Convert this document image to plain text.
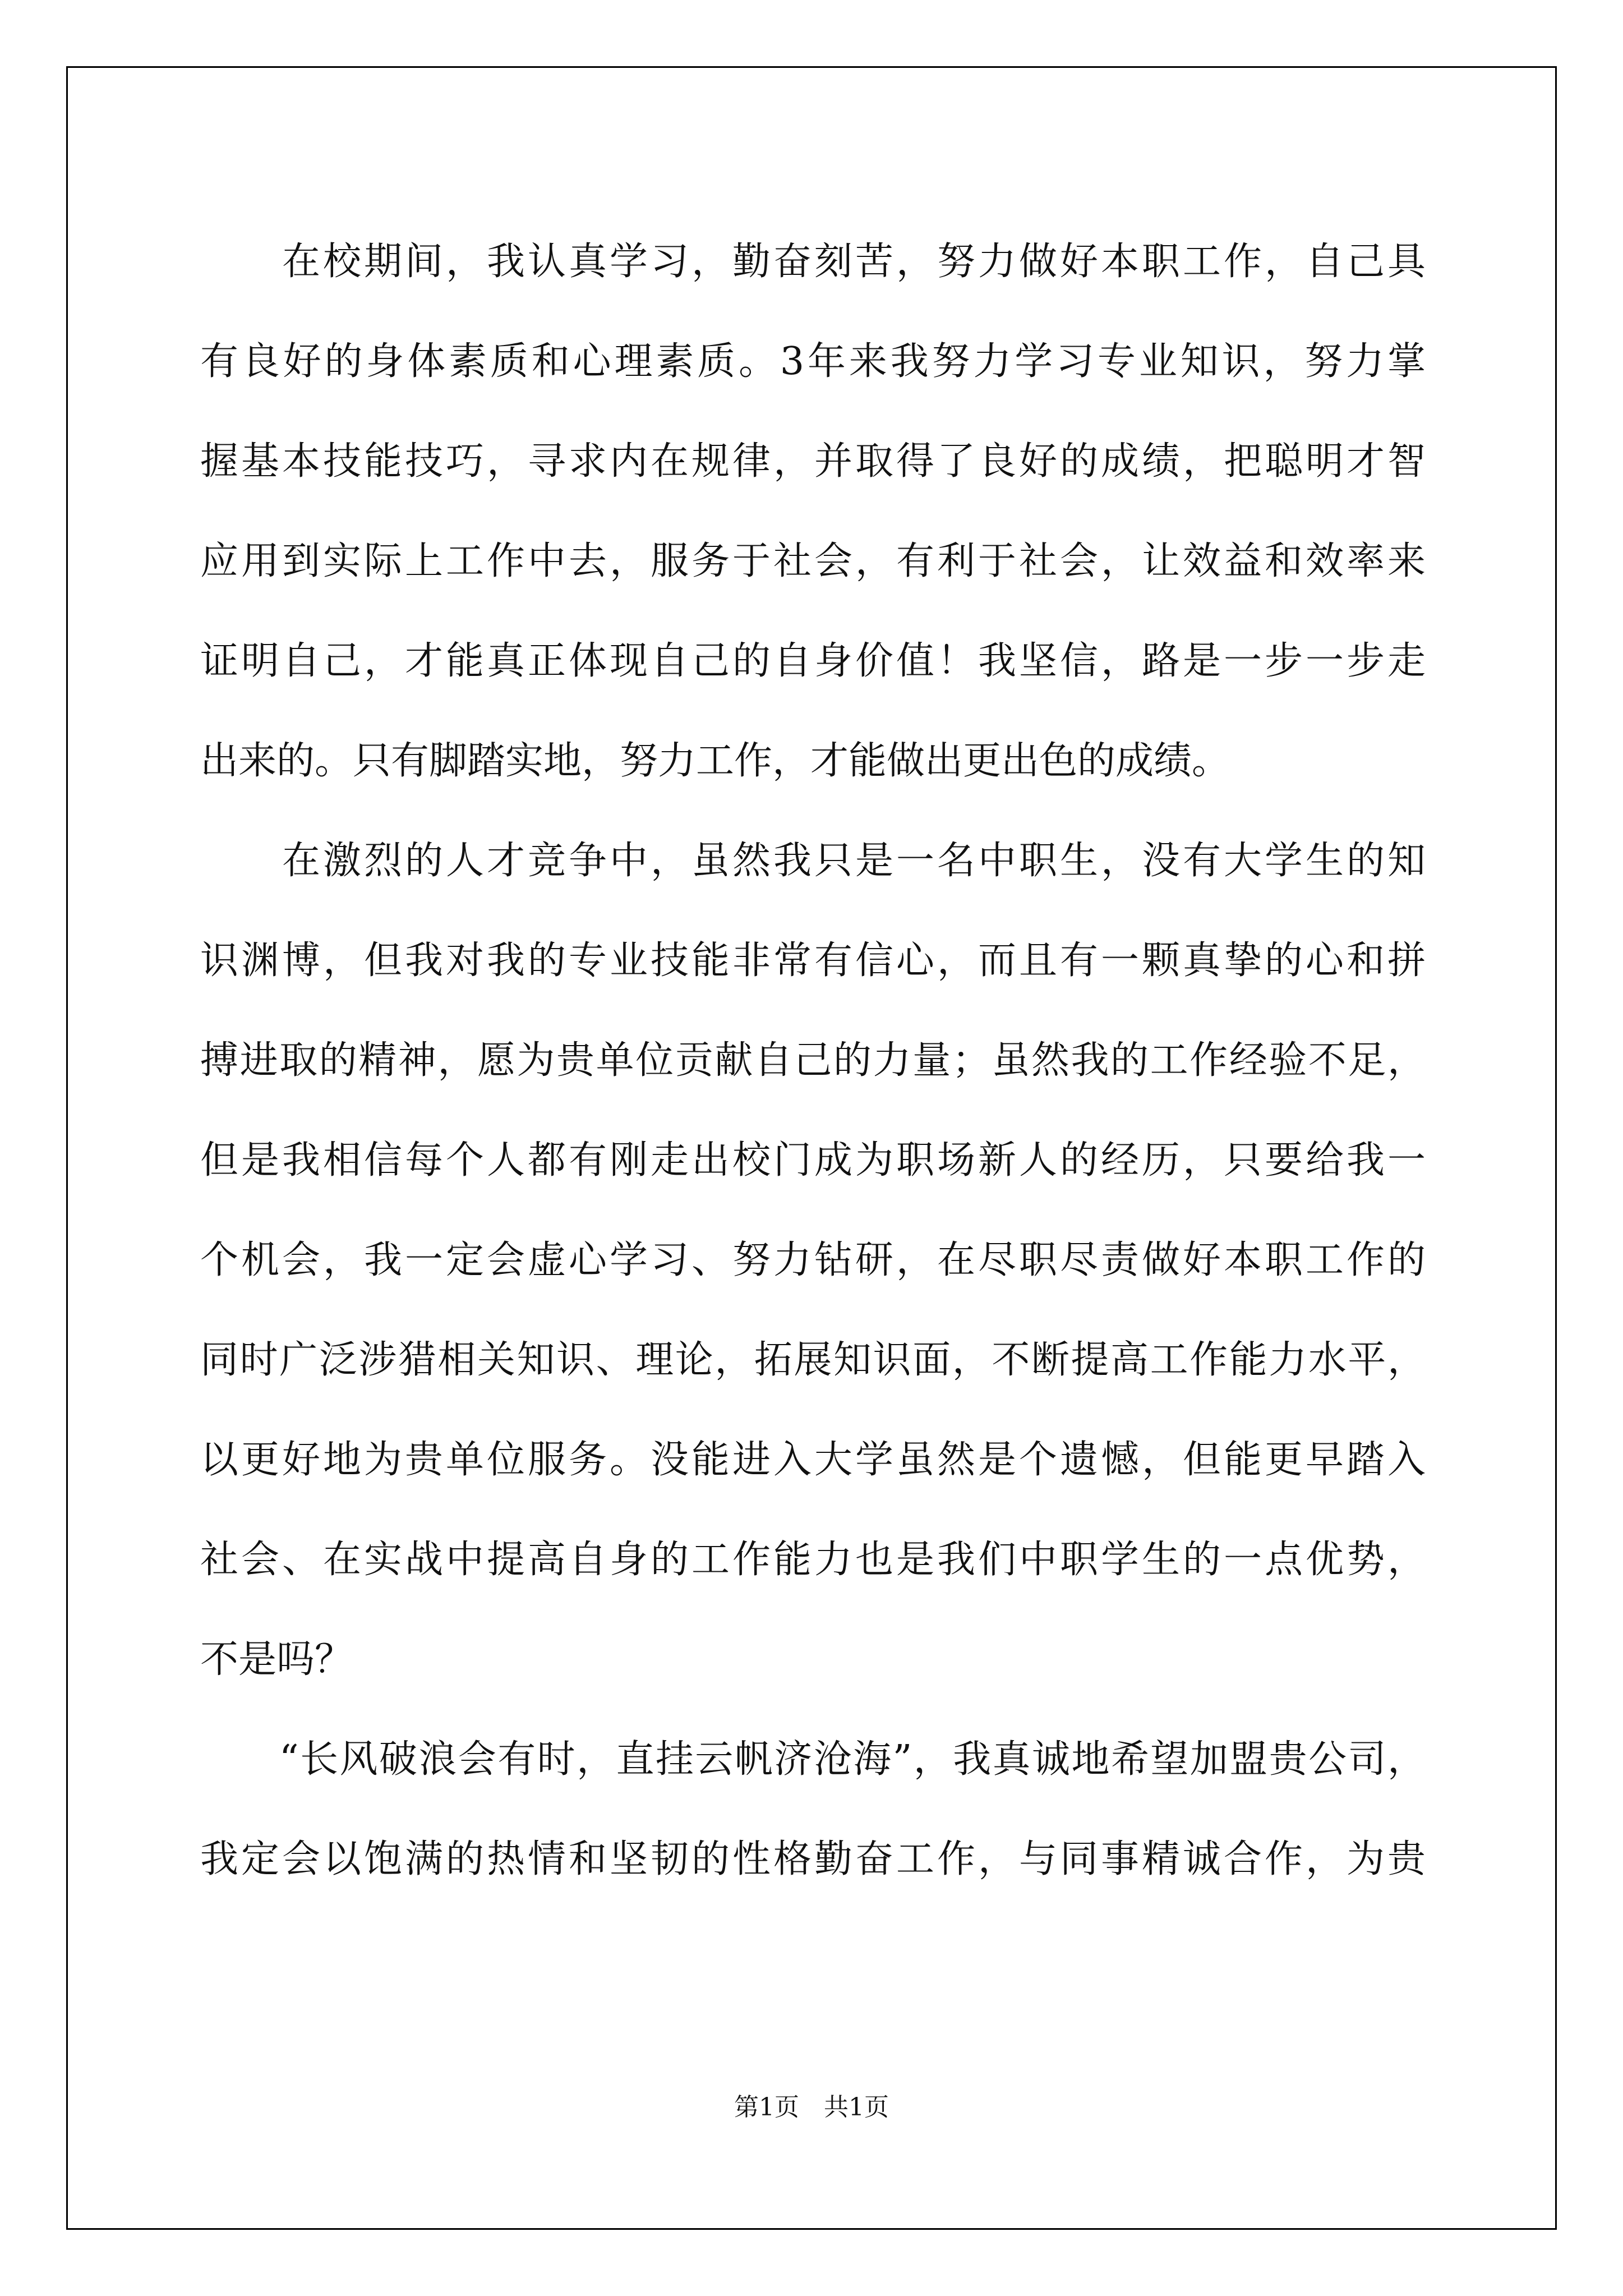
　　在校期间，我认真学习，勤奋刻苦，努力做好本职工作，自己具
有良好的身体素质和心理素质。3年来我努力学习专业知识，努力掌
握基本技能技巧，寻求内在规律，并取得了良好的成绩，把聪明才智
应用到实际上工作中去，服务于社会，有利于社会，让效益和效率来
证明自己，才能真正体现自己的自身价值！我坚信，路是一步一步走
出来的。只有脚踏实地，努力工作，才能做出更出色的成绩。
　　在激烈的人才竞争中，虽然我只是一名中职生，没有大学生的知
识渊博，但我对我的专业技能非常有信心，而且有一颗真挚的心和拼
搏进取的精神，愿为贵单位贡献自己的力量；虽然我的工作经验不足，
但是我相信每个人都有刚走出校门成为职场新人的经历，只要给我一
个机会，我一定会虚心学习、努力钻研，在尽职尽责做好本职工作的
同时广泛涉猎相关知识、理论，拓展知识面，不断提高工作能力水平，
以更好地为贵单位服务。没能进入大学虽然是个遗憾，但能更早踏入
社会、在实战中提高自身的工作能力也是我们中职学生的一点优势，
不是吗？
　　“长风破浪会有时，直挂云帆济沧海”，我真诚地希望加盟贵公司，
我定会以饱满的热情和坚韧的性格勤奋工作，与同事精诚合作，为贵
第1页　共1页
